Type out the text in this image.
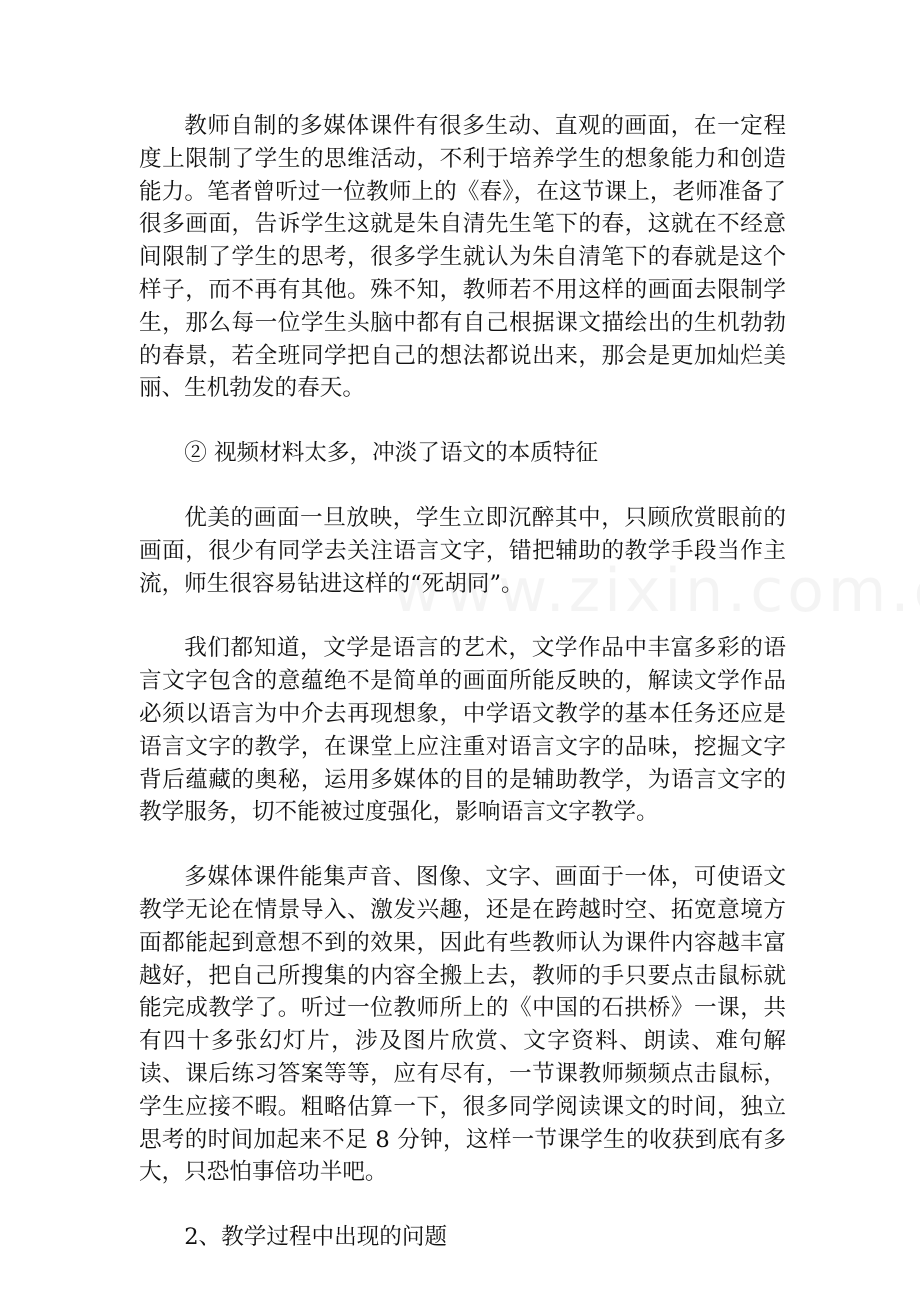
教师自制的多媒体课件有很多生动、直观的画面，在一定程度上限制了学生的思维活动，不利于培养学生的想象能力和创造能力。笔者曾听过一位教师上的《春》，在这节课上，老师准备了很多画面，告诉学生这就是朱自清先生笔下的春，这就在不经意间限制了学生的思考，很多学生就认为朱自清笔下的春就是这个样子，而不再有其他。殊不知，教师若不用这样的画面去限制学生，那么每一位学生头脑中都有自己根据课文描绘出的生机勃勃的春景，若全班同学把自己的想法都说出来，那会是更加灿烂美丽、生机勃发的春天。

② 视频材料太多，冲淡了语文的本质特征

优美的画面一旦放映，学生立即沉醉其中，只顾欣赏眼前的画面，很少有同学去关注语言文字，错把辅助的教学手段当作主流，师生很容易钻进这样的“死胡同”。

我们都知道，文学是语言的艺术，文学作品中丰富多彩的语言文字包含的意蕴绝不是简单的画面所能反映的，解读文学作品必须以语言为中介去再现想象，中学语文教学的基本任务还应是语言文字的教学，在课堂上应注重对语言文字的品味，挖掘文字背后蕴藏的奥秘，运用多媒体的目的是辅助教学，为语言文字的教学服务，切不能被过度强化，影响语言文字教学。

多媒体课件能集声音、图像、文字、画面于一体，可使语文教学无论在情景导入、激发兴趣，还是在跨越时空、拓宽意境方面都能起到意想不到的效果，因此有些教师认为课件内容越丰富越好，把自己所搜集的内容全搬上去，教师的手只要点击鼠标就能完成教学了。听过一位教师所上的《中国的石拱桥》一课，共有四十多张幻灯片，涉及图片欣赏、文字资料、朗读、难句解读、课后练习答案等等，应有尽有，一节课教师频频点击鼠标，学生应接不暇。粗略估算一下，很多同学阅读课文的时间，独立思考的时间加起来不足 8 分钟，这样一节课学生的收获到底有多大，只恐怕事倍功半吧。

2、教学过程中出现的问题
